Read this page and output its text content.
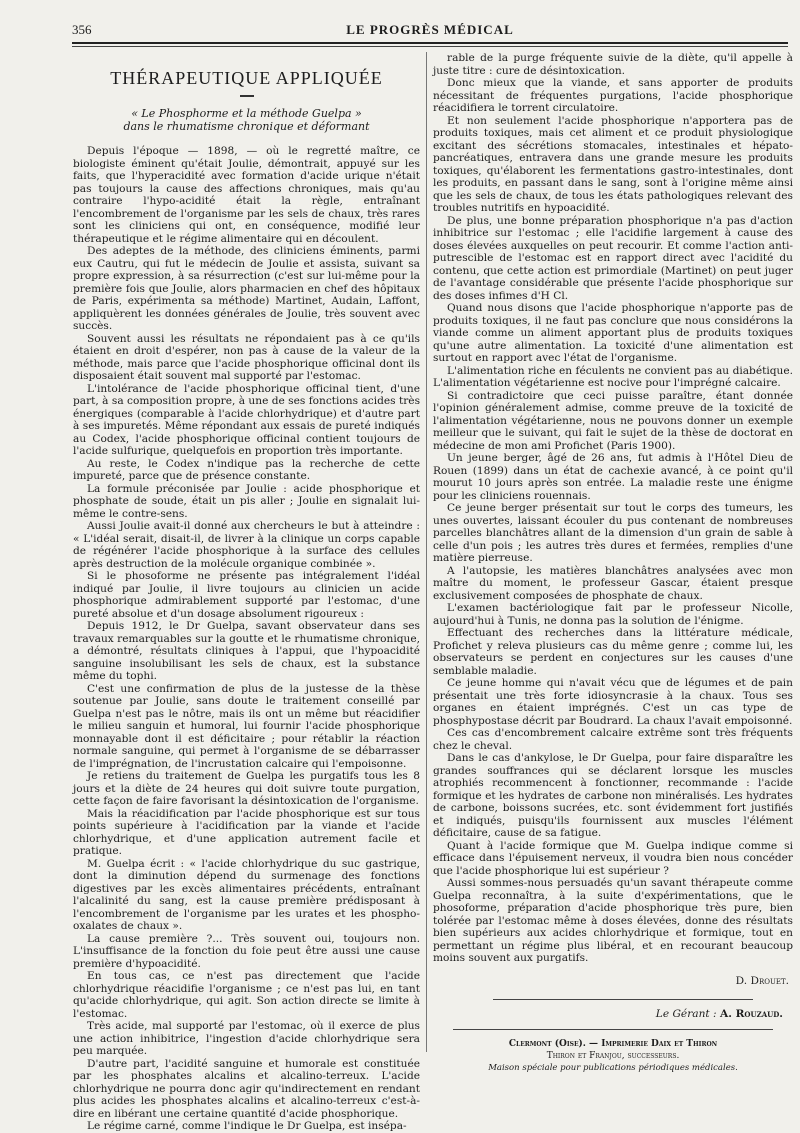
356	LE PROGRÈS MÉDICAL
THÉRAPEUTIQUE APPLIQUÉE
« Le Phosphorme et la méthode Guelpa »
dans le rhumatisme chronique et déformant

Depuis l'époque — 1898, — où le regretté maître, ce biologiste éminent qu'était Joulie, démontrait, appuyé sur les faits, que l'hyperacidité avec formation d'acide urique n'était pas toujours la cause des affections chroniques, mais qu'au contraire l'hypo-acidité était la règle, entraînant l'encombrement de l'organisme par les sels de chaux, très rares sont les cliniciens qui ont, en conséquence, modifié leur thérapeutique et le régime alimentaire qui en découlent.

Des adeptes de la méthode, des cliniciens éminents, parmi eux Cautru, qui fut le médecin de Joulie et assista, suivant sa propre expression, à sa résurrection (c'est sur lui-même pour la première fois que Joulie, alors pharmacien en chef des hôpitaux de Paris, expérimenta sa méthode) Martinet, Audain, Laffont, appliquèrent les données générales de Joulie, très souvent avec succès.

Souvent aussi les résultats ne répondaient pas à ce qu'ils étaient en droit d'espérer, non pas à cause de la valeur de la méthode, mais parce que l'acide phosphorique officinal dont ils disposaient était souvent mal supporté par l'estomac.

L'intolérance de l'acide phosphorique officinal tient, d'une part, à sa composition propre, à une de ses fonctions acides très énergiques (comparable à l'acide chlorhydrique) et d'autre part à ses impuretés. Même répondant aux essais de pureté indiqués au Codex, l'acide phosphorique officinal contient toujours de l'acide sulfurique, quelquefois en proportion très importante.

Au reste, le Codex n'indique pas la recherche de cette impureté, parce que de présence constante.

La formule préconisée par Joulie : acide phosphorique et phosphate de soude, était un pis aller ; Joulie en signalait lui-même le contre-sens.

Aussi Joulie avait-il donné aux chercheurs le but à atteindre : « L'idéal serait, disait-il, de livrer à la clinique un corps capable de régénérer l'acide phosphorique à la surface des cellules après destruction de la molécule organique combinée ».

Si le phosoforme ne présente pas intégralement l'idéal indiqué par Joulie, il livre toujours au clinicien un acide phosphorique admirablement supporté par l'estomac, d'une pureté absolue et d'un dosage absolument rigoureux :

Depuis 1912, le Dr Guelpa, savant observateur dans ses travaux remarquables sur la goutte et le rhumatisme chronique, a démontré, résultats cliniques à l'appui, que l'hypoacidité sanguine insolubilisant les sels de chaux, est la substance même du tophi.

C'est une confirmation de plus de la justesse de la thèse soutenue par Joulie, sans doute le traitement conseillé par Guelpa n'est pas le nôtre, mais ils ont un même but réacidifier le milieu sanguin et humoral, lui fournir l'acide phosphorique monnayable dont il est déficitaire ; pour rétablir la réaction normale sanguine, qui permet à l'organisme de se débarrasser de l'imprégnation, de l'incrustation calcaire qui l'empoisonne.

Je retiens du traitement de Guelpa les purgatifs tous les 8 jours et la diète de 24 heures qui doit suivre toute purgation, cette façon de faire favorisant la désintoxication de l'organisme.

Mais la réacidification par l'acide phosphorique est sur tous points supérieure à l'acidification par la viande et l'acide chlorhydrique, et d'une application autrement facile et pratique.

M. Guelpa écrit : « l'acide chlorhydrique du suc gastrique, dont la diminution dépend du surmenage des fonctions digestives par les excès alimentaires précédents, entraînant l'alcalinité du sang, est la cause première prédisposant à l'encombrement de l'organisme par les urates et les phospho-oxalates de chaux ».

La cause première ?... Très souvent oui, toujours non. L'insuffisance de la fonction du foie peut être aussi une cause première d'hypoacidité.

En tous cas, ce n'est pas directement que l'acide chlorhydrique réacidifie l'organisme ; ce n'est pas lui, en tant qu'acide chlorhydrique, qui agit. Son action directe se limite à l'estomac.

Très acide, mal supporté par l'estomac, où il exerce de plus une action inhibitrice, l'ingestion d'acide chlorhydrique sera peu marquée.

D'autre part, l'acidité sanguine et humorale est constituée par les phosphates alcalins et alcalino-terreux. L'acide chlorhydrique ne pourra donc agir qu'indirectement en rendant plus acides les phosphates alcalins et alcalino-terreux c'est-à-dire en libérant une certaine quantité d'acide phosphorique.

Le régime carné, comme l'indique le Dr Guelpa, est insépa-

rable de la purge fréquente suivie de la diète, qu'il appelle à juste titre : cure de désintoxication.

Donc mieux que la viande, et sans apporter de produits nécessitant de fréquentes purgations, l'acide phosphorique réacidifiera le torrent circulatoire.

Et non seulement l'acide phosphorique n'apportera pas de produits toxiques, mais cet aliment et ce produit physiologique excitant des sécrétions stomacales, intestinales et hépato-pancréatiques, entravera dans une grande mesure les produits toxiques, qu'élaborent les fermentations gastro-intestinales, dont les produits, en passant dans le sang, sont à l'origine même ainsi que les sels de chaux, de tous les états pathologiques relevant des troubles nutritifs en hypoacidité.

De plus, une bonne préparation phosphorique n'a pas d'action inhibitrice sur l'estomac ; elle l'acidifie largement à cause des doses élevées auxquelles on peut recourir. Et comme l'action anti-putrescible de l'estomac est en rapport direct avec l'acidité du contenu, que cette action est primordiale (Martinet) on peut juger de l'avantage considérable que présente l'acide phosphorique sur des doses infimes d'H Cl.

Quand nous disons que l'acide phosphorique n'apporte pas de produits toxiques, il ne faut pas conclure que nous considérons la viande comme un aliment apportant plus de produits toxiques qu'une autre alimentation. La toxicité d'une alimentation est surtout en rapport avec l'état de l'organisme.

L'alimentation riche en féculents ne convient pas au diabétique. L'alimentation végétarienne est nocive pour l'imprégné calcaire.

Si contradictoire que ceci puisse paraître, étant donnée l'opinion généralement admise, comme preuve de la toxicité de l'alimentation végétarienne, nous ne pouvons donner un exemple meilleur que le suivant, qui fait le sujet de la thèse de doctorat en médecine de mon ami Profichet (Paris 1900).

Un jeune berger, âgé de 26 ans, fut admis à l'Hôtel Dieu de Rouen (1899) dans un état de cachexie avancé, à ce point qu'il mourut 10 jours après son entrée. La maladie reste une énigme pour les cliniciens rouennais.

Ce jeune berger présentait sur tout le corps des tumeurs, les unes ouvertes, laissant écouler du pus contenant de nombreuses parcelles blanchâtres allant de la dimension d'un grain de sable à celle d'un pois ; les autres très dures et fermées, remplies d'une matière pierreuse.

A l'autopsie, les matières blanchâtres analysées avec mon maître du moment, le professeur Gascar, étaient presque exclusivement composées de phosphate de chaux.

L'examen bactériologique fait par le professeur Nicolle, aujourd'hui à Tunis, ne donna pas la solution de l'énigme.

Effectuant des recherches dans la littérature médicale, Profichet y releva plusieurs cas du même genre ; comme lui, les observateurs se perdent en conjectures sur les causes d'une semblable maladie.

Ce jeune homme qui n'avait vécu que de légumes et de pain présentait une très forte idiosyncrasie à la chaux. Tous ses organes en étaient imprégnés. C'est un cas type de phosphypostase décrit par Boudrard. La chaux l'avait empoisonné.

Ces cas d'encombrement calcaire extrême sont très fréquents chez le cheval.

Dans le cas d'ankylose, le Dr Guelpa, pour faire disparaître les grandes souffrances qui se déclarent lorsque les muscles atrophiés recommencent à fonctionner, recommande : l'acide formique et les hydrates de carbone non minéralisés. Les hydrates de carbone, boissons sucrées, etc. sont évidemment fort justifiés et indiqués, puisqu'ils fournissent aux muscles l'élément déficitaire, cause de sa fatigue.

Quant à l'acide formique que M. Guelpa indique comme si efficace dans l'épuisement nerveux, il voudra bien nous concéder que l'acide phosphorique lui est supérieur ?

Aussi sommes-nous persuadés qu'un savant thérapeute comme Guelpa reconnaîtra, à la suite d'expérimentations, que le phosoforme, préparation d'acide phosphorique très pure, bien tolérée par l'estomac même à doses élevées, donne des résultats bien supérieurs aux acides chlorhydrique et formique, tout en permettant un régime plus libéral, et en recourant beaucoup moins souvent aux purgatifs.

D. Drouet.
Le Gérant : A. Rouzaud.
Clermont (Oise). — Imprimerie Daix et Thiron
Thiron et Franjou, successeurs.
Maison spéciale pour publications périodiques médicales.
